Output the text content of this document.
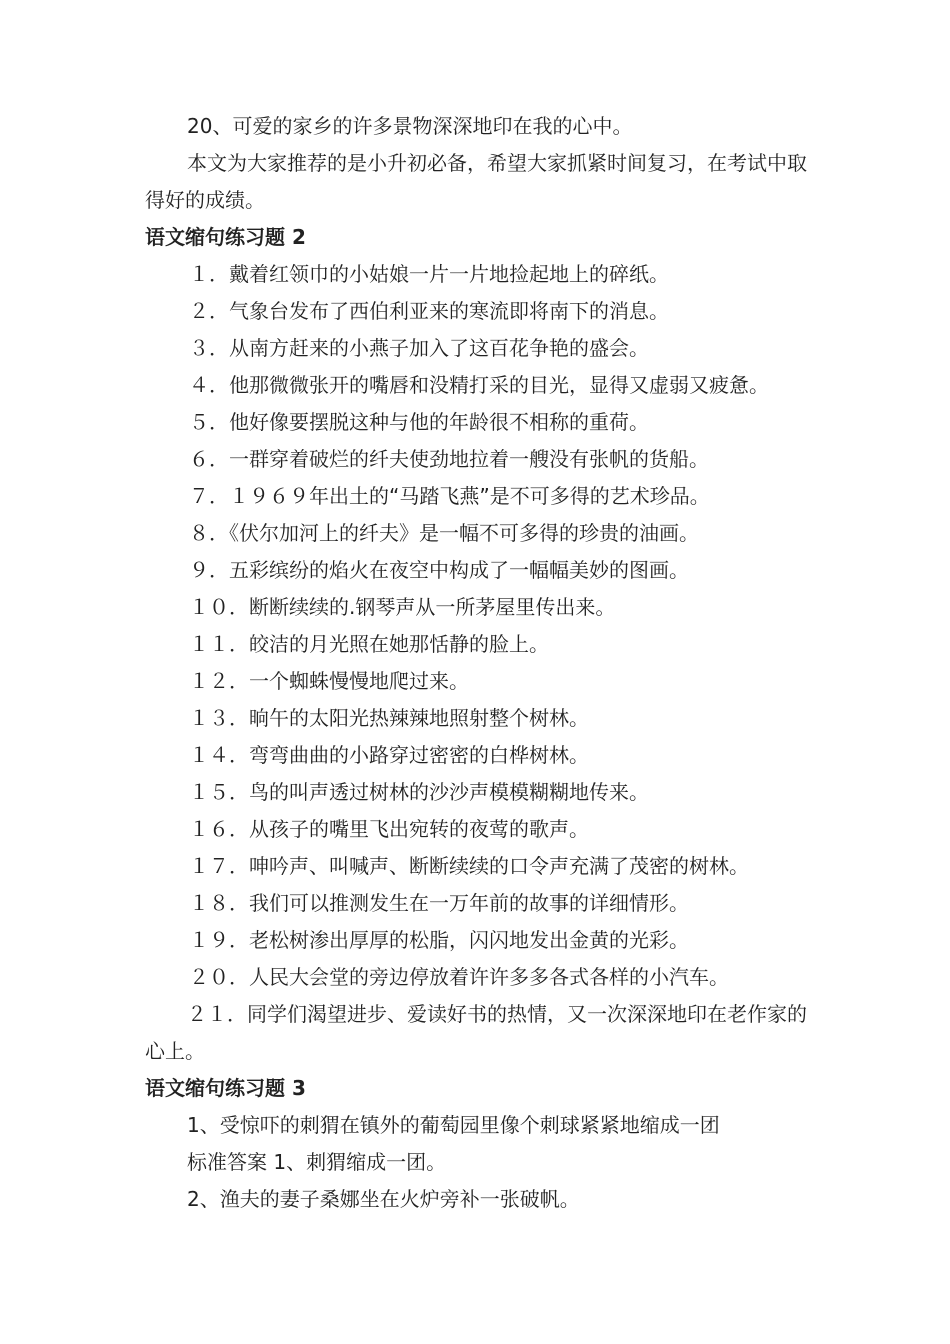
20、可爱的家乡的许多景物深深地印在我的心中。

本文为大家推荐的是小升初必备，希望大家抓紧时间复习，在考试中取得好的成绩。

语文缩句练习题 2

１．戴着红领巾的小姑娘一片一片地捡起地上的碎纸。

２．气象台发布了西伯利亚来的寒流即将南下的消息。

３．从南方赶来的小燕子加入了这百花争艳的盛会。

４．他那微微张开的嘴唇和没精打采的目光，显得又虚弱又疲惫。

５．他好像要摆脱这种与他的年龄很不相称的重荷。

６．一群穿着破烂的纤夫使劲地拉着一艘没有张帆的货船。

７．１９６９年出土的“马踏飞燕”是不可多得的艺术珍品。

８．《伏尔加河上的纤夫》是一幅不可多得的珍贵的油画。

９．五彩缤纷的焰火在夜空中构成了一幅幅美妙的图画。

１０．断断续续的.钢琴声从一所茅屋里传出来。

１１．皎洁的月光照在她那恬静的脸上。

１２．一个蜘蛛慢慢地爬过来。

１３．晌午的太阳光热辣辣地照射整个树林。

１４．弯弯曲曲的小路穿过密密的白桦树林。

１５．鸟的叫声透过树林的沙沙声模模糊糊地传来。

１６．从孩子的嘴里飞出宛转的夜莺的歌声。

１７．呻吟声、叫喊声、断断续续的口令声充满了茂密的树林。

１８．我们可以推测发生在一万年前的故事的详细情形。

１９．老松树渗出厚厚的松脂，闪闪地发出金黄的光彩。

２０．人民大会堂的旁边停放着许许多多各式各样的小汽车。

２１．同学们渴望进步、爱读好书的热情，又一次深深地印在老作家的心上。

语文缩句练习题 3

1、受惊吓的刺猬在镇外的葡萄园里像个刺球紧紧地缩成一团

标准答案 1、刺猬缩成一团。

2、渔夫的妻子桑娜坐在火炉旁补一张破帆。
